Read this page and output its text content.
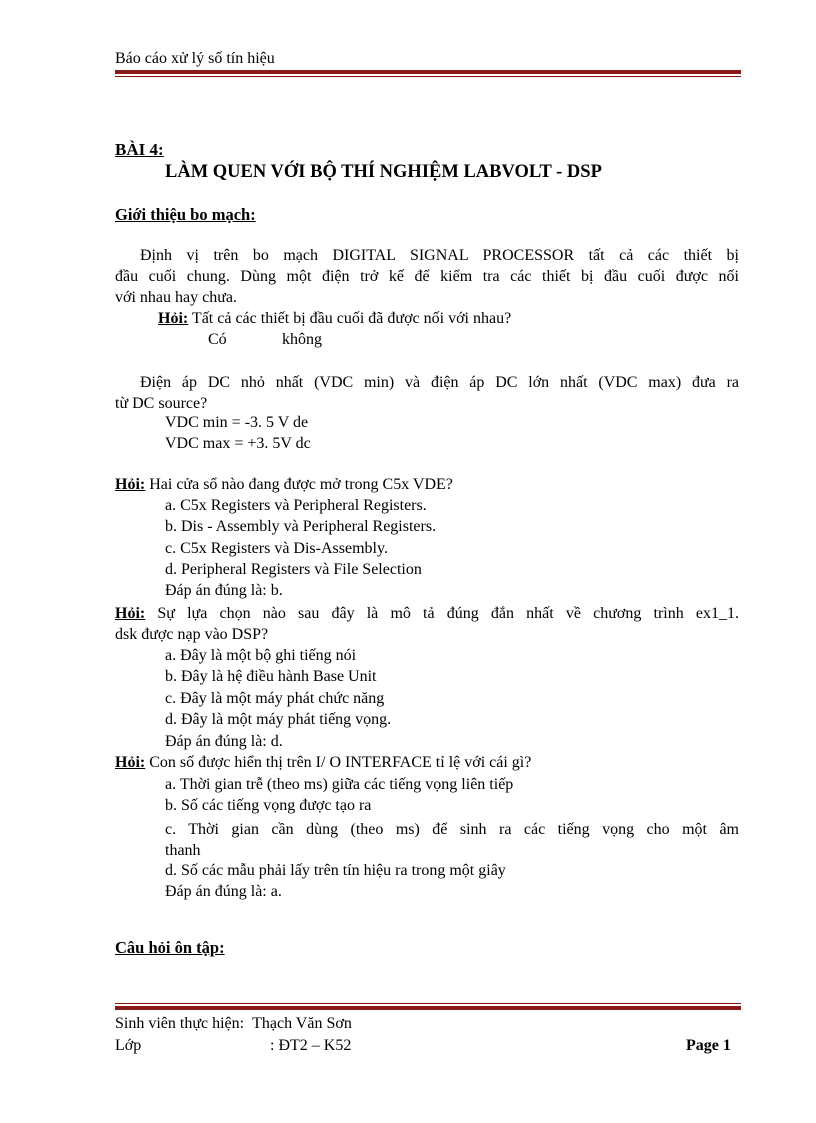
Báo cáo xử lý số tín hiệu
BÀI 4:
LÀM QUEN VỚI BỘ THÍ NGHIỆM LABVOLT - DSP
Giới thiệu bo mạch:
Định vị trên bo mạch DIGITAL SIGNAL PROCESSOR tất cả các thiết bị
đầu cuối chung. Dùng một điện trở kế để kiểm tra các thiết bị đầu cuối được nối
với nhau hay chưa.
Hỏi: Tất cả các thiết bị đầu cuối đã được nối với nhau?
Có	không
Điện áp DC nhỏ nhất (VDC min) và điện áp DC lớn nhất (VDC max) đưa ra
từ DC source?
VDC min = -3. 5 V de
VDC max = +3. 5V dc
Hỏi: Hai cửa sổ nào đang được mở trong C5x VDE?
a. C5x Registers và Peripheral Registers.
b. Dis - Assembly và Peripheral Registers.
c. C5x Registers và Dis-Assembly.
d. Peripheral Registers và File Selection
Đáp án đúng là: b.
Hỏi: Sự lựa chọn nào sau đây là mô tả đúng đắn nhất về chương trình ex1_1.
dsk được nạp vào DSP?
a. Đây là một bộ ghi tiếng nói
b. Đây là hệ điều hành Base Unit
c. Đây là một máy phát chức năng
d. Đây là một máy phát tiếng vọng.
Đáp án đúng là: d.
Hỏi: Con số được hiển thị trên I/ O INTERFACE tỉ lệ với cái gì?
a. Thời gian trễ (theo ms) giữa các tiếng vọng liên tiếp
b. Số các tiếng vọng được tạo ra
c. Thời gian cần dùng (theo ms) để sinh ra các tiếng vọng cho một âm
thanh
d. Số các mẫu phải lấy trên tín hiệu ra trong một giây
Đáp án đúng là: a.
Câu hỏi ôn tập:
Sinh viên thực hiện: Thạch Văn Sơn
Lớp	: ĐT2 – K52	Page 1
